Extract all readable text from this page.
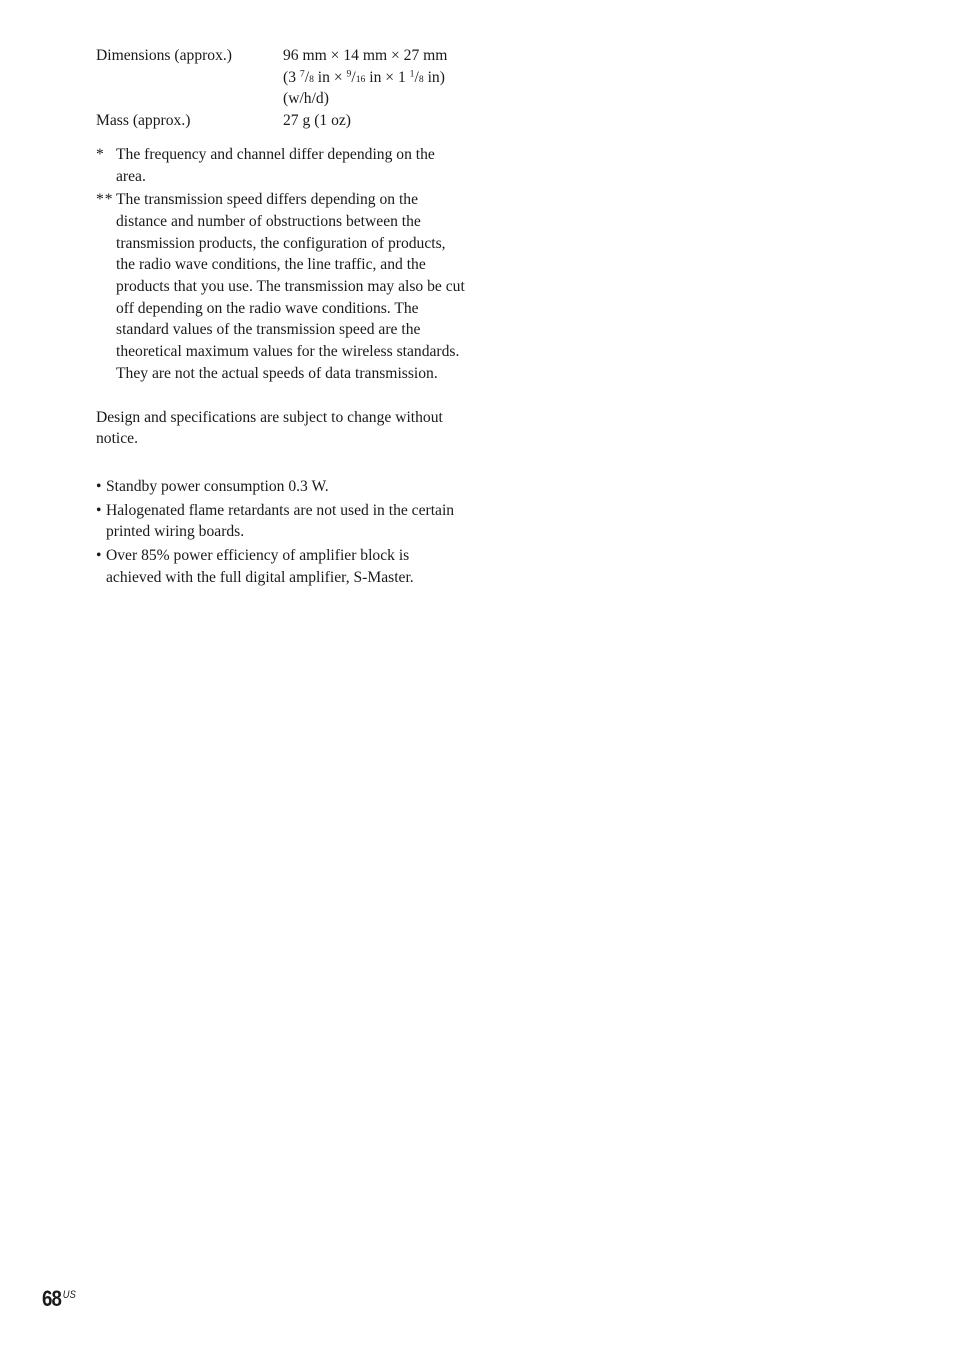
Dimensions (approx.)	96 mm × 14 mm × 27 mm
(3 $^7$/8 in × $^9$/16 in × 1 $^1$/8 in)
(w/h/d)
Mass (approx.)	27 g (1 oz)
* The frequency and channel differ depending on the area.
** The transmission speed differs depending on the distance and number of obstructions between the transmission products, the configuration of products, the radio wave conditions, the line traffic, and the products that you use. The transmission may also be cut off depending on the radio wave conditions. The standard values of the transmission speed are the theoretical maximum values for the wireless standards. They are not the actual speeds of data transmission.

Design and specifications are subject to change without notice.

• Standby power consumption 0.3 W.
• Halogenated flame retardants are not used in the certain printed wiring boards.
• Over 85% power efficiency of amplifier block is achieved with the full digital amplifier, S-Master.
68 $^{US}$
